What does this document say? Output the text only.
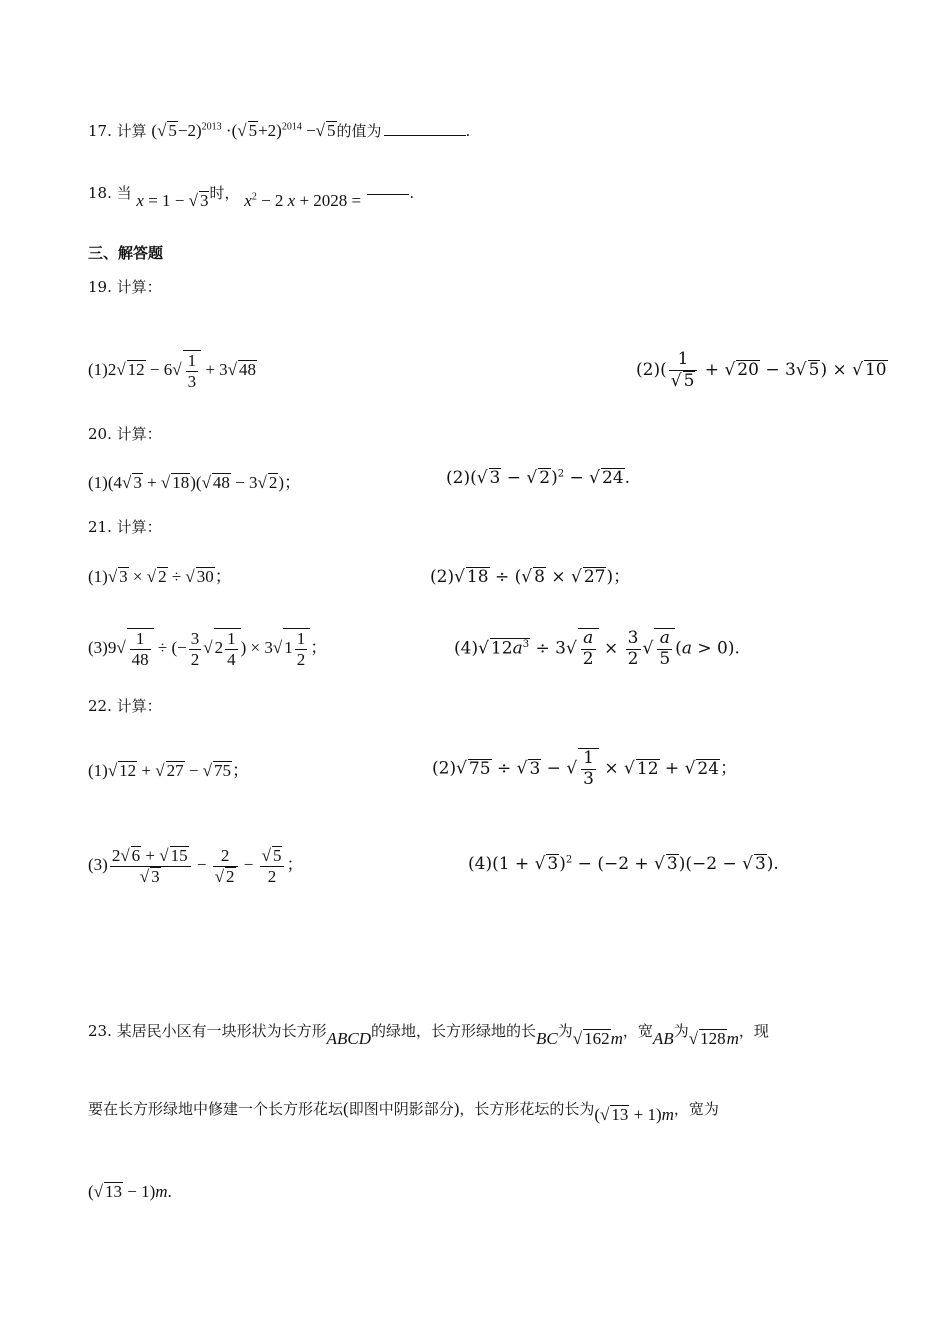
17. 计算 (√ 5−2)$^{2013}$ ·(√ 5+2)$^{2014}$ −√ 5的值为	.
18. 当 x = 1 − √ 3时， $x^2 - 2$ x + 2028 =	.
三、解答题
19. 计算：
(1)2√ $12 - 6√ \frac{1}{3} + 3√$ 48	$(2)( \frac{1}{√ 5}$ + √ 20 − 3√ 5) × √ 10
20. 计算：
(1)(4√ 3 + √ 18)(√ 48 − 3√ 2)；	(2)(√ 3 − √ 2)$^2$ − √ 24.
21. 计算：
(1)√ 3 × √ 2 ÷ √ 30；	(2)√ 18 ÷ (√ 8 × √ 27)；
$(3)9√ \frac{1}{48}$ ÷ (− $\frac{3}{2}$ √ $2 \frac{1}{4}$ ) × 3√ $1 \frac{1}{2}$ ；	(4)√ $12a^3 \div 3√ \frac{a}{2} \times \frac{3}{2}$ √ $\frac{a}{5} (a > 0)$.
22. 计算：
(1)√ 12 + √ 27 − √ 75；	(2)√ 75 ÷ √ 3 − √ $\frac{1}{3}$ × √ 12 + √ 24；
$(3) \frac{2√ 6 + √ 15}{√ 3} - \frac{2}{√ 2} - \frac{√ 5}{2}$ ；	(4)(1 + √ 3)$^2$ − (−2 + √ 3)(−2 − √ 3).
23. 某居民小区有一块形状为长方形ABCD的绿地，长方形绿地的长BC为√ 162m，宽AB为√ 128m，现
要在长方形绿地中修建一个长方形花坛(即图中阴影部分)，长方形花坛的长为(√ 13 + 1)m，宽为
(√ 13 − 1)m.
